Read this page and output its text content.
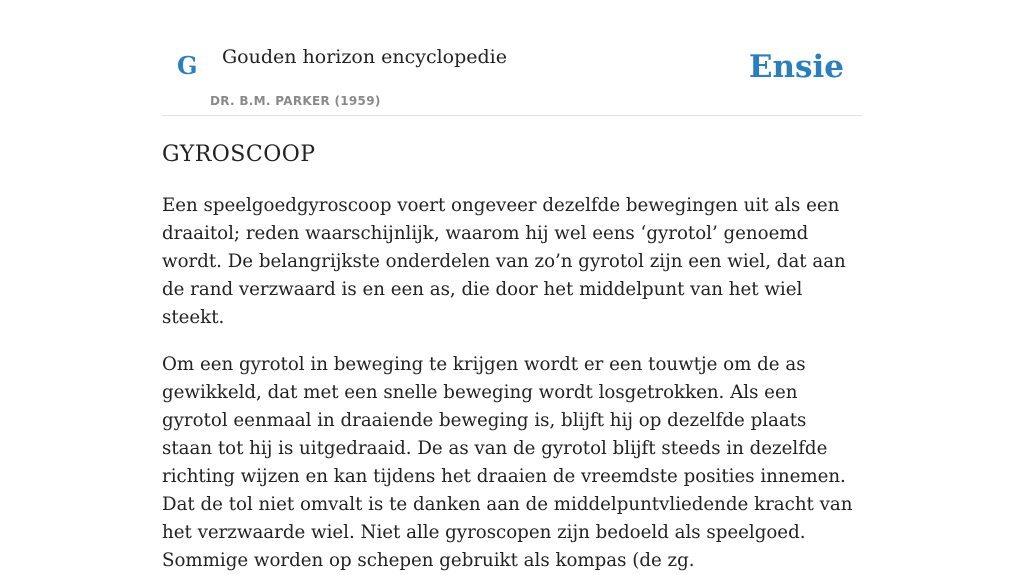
G Gouden horizon encyclopedie
DR. B.M. PARKER (1959)
Ensie
GYROSCOOP

Een speelgoedgyroscoop voert ongeveer dezelfde bewegingen uit als een draaitol; reden waarschijnlijk, waarom hij wel eens ‘gyrotol’ genoemd wordt. De belangrijkste onderdelen van zo’n gyrotol zijn een wiel, dat aan de rand verzwaard is en een as, die door het middelpunt van het wiel steekt.

Om een gyrotol in beweging te krijgen wordt er een touwtje om de as gewikkeld, dat met een snelle beweging wordt losgetrokken. Als een gyrotol eenmaal in draaiende beweging is, blijft hij op dezelfde plaats staan tot hij is uitgedraaid. De as van de gyrotol blijft steeds in dezelfde richting wijzen en kan tijdens het draaien de vreemdste posities innemen. Dat de tol niet omvalt is te danken aan de middelpuntvliedende kracht van het verzwaarde wiel. Niet alle gyroscopen zijn bedoeld als speelgoed. Sommige worden op schepen gebruikt als kompas (de zg.
